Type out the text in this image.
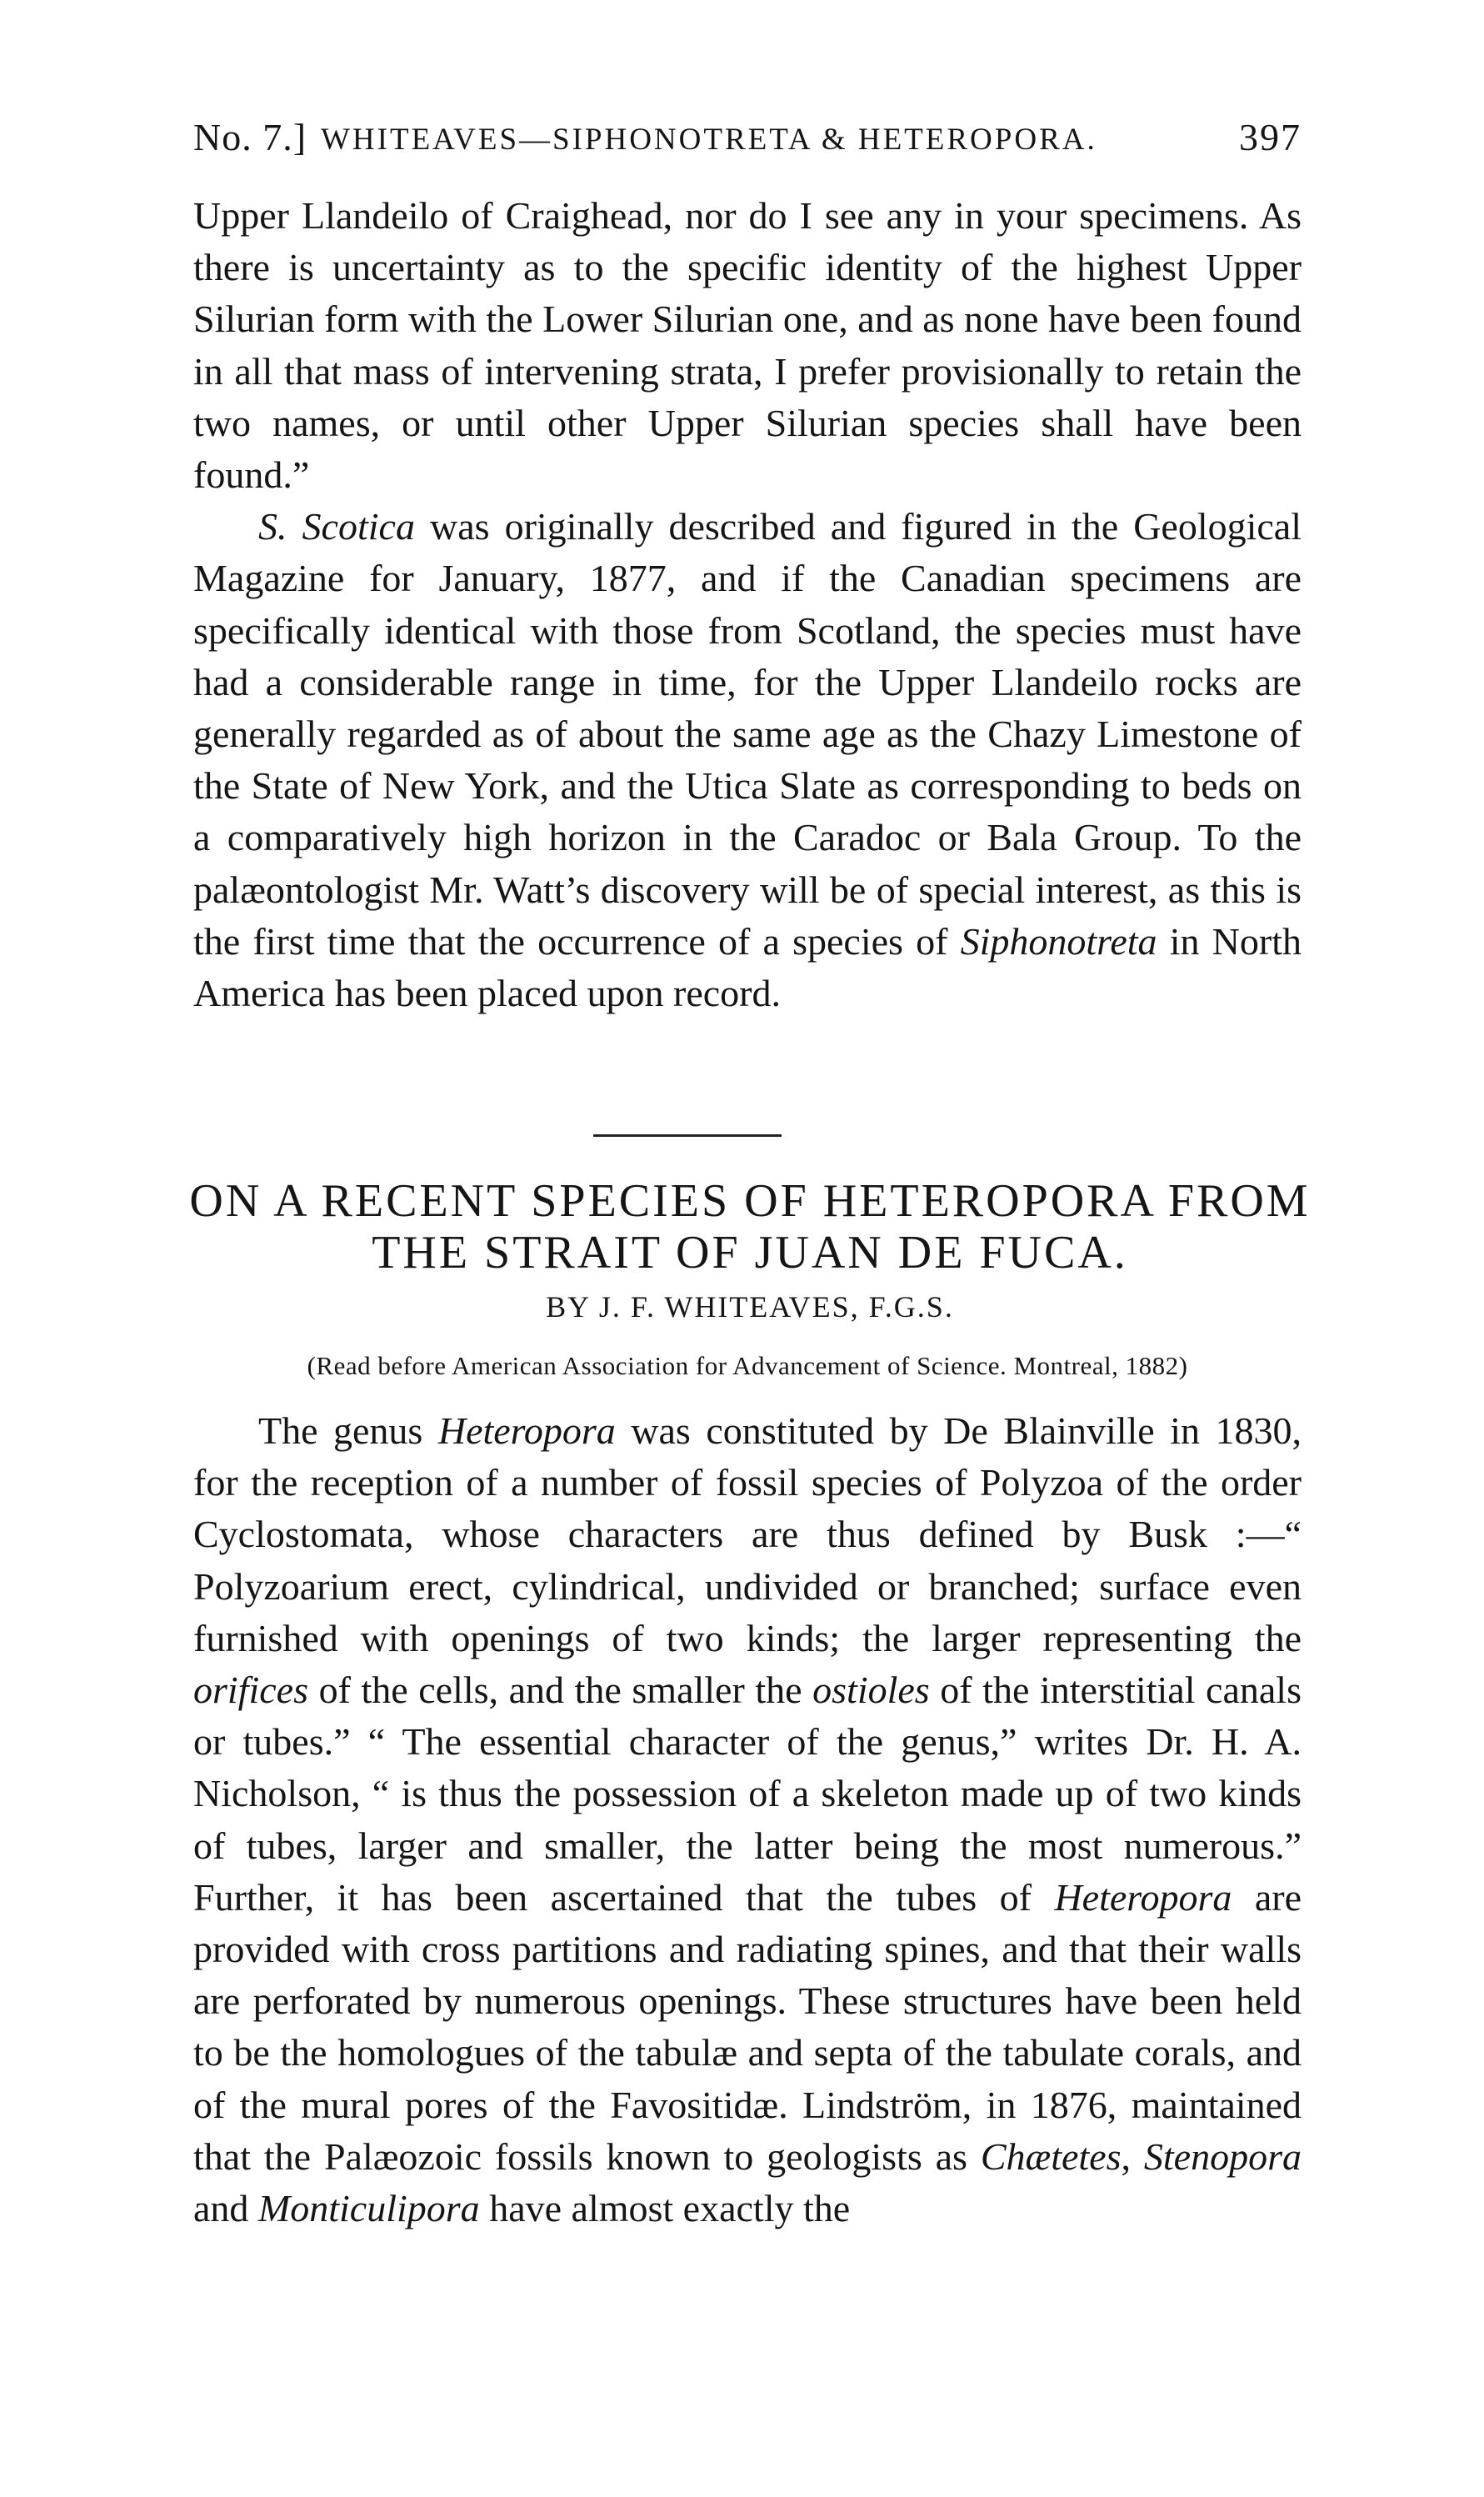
No. 7.] WHITEAVES—SIPHONOTRETA & HETEROPORA.	397

Upper Llandeilo of Craighead, nor do I see any in your specimens. As there is uncertainty as to the specific identity of the highest Upper Silurian form with the Lower Silurian one, and as none have been found in all that mass of intervening strata, I prefer provisionally to retain the two names, or until other Upper Silurian species shall have been found.”

S. Scotica was originally described and figured in the Geological Magazine for January, 1877, and if the Canadian specimens are specifically identical with those from Scotland, the species must have had a considerable range in time, for the Upper Llandeilo rocks are generally regarded as of about the same age as the Chazy Limestone of the State of New York, and the Utica Slate as corresponding to beds on a comparatively high horizon in the Caradoc or Bala Group. To the palæontologist Mr. Watt’s discovery will be of special interest, as this is the first time that the occurrence of a species of Siphonotreta in North America has been placed upon record.

ON A RECENT SPECIES OF HETEROPORA FROM
THE STRAIT OF JUAN DE FUCA.
BY J. F. WHITEAVES, F.G.S.
(Read before American Association for Advancement of Science. Montreal, 1882)

The genus Heteropora was constituted by De Blainville in 1830, for the reception of a number of fossil species of Polyzoa of the order Cyclostomata, whose characters are thus defined by Busk :—“ Polyzoarium erect, cylindrical, undivided or branched; surface even furnished with openings of two kinds; the larger representing the orifices of the cells, and the smaller the ostioles of the interstitial canals or tubes.” “ The essential character of the genus,” writes Dr. H. A. Nicholson, “ is thus the possession of a skeleton made up of two kinds of tubes, larger and smaller, the latter being the most numerous.” Further, it has been ascertained that the tubes of Heteropora are provided with cross partitions and radiating spines, and that their walls are perforated by numerous openings. These structures have been held to be the homologues of the tabulæ and septa of the tabulate corals, and of the mural pores of the Favositidæ. Lindström, in 1876, maintained that the Palæozoic fossils known to geologists as Chætetes, Stenopora and Monticulipora have almost exactly the
